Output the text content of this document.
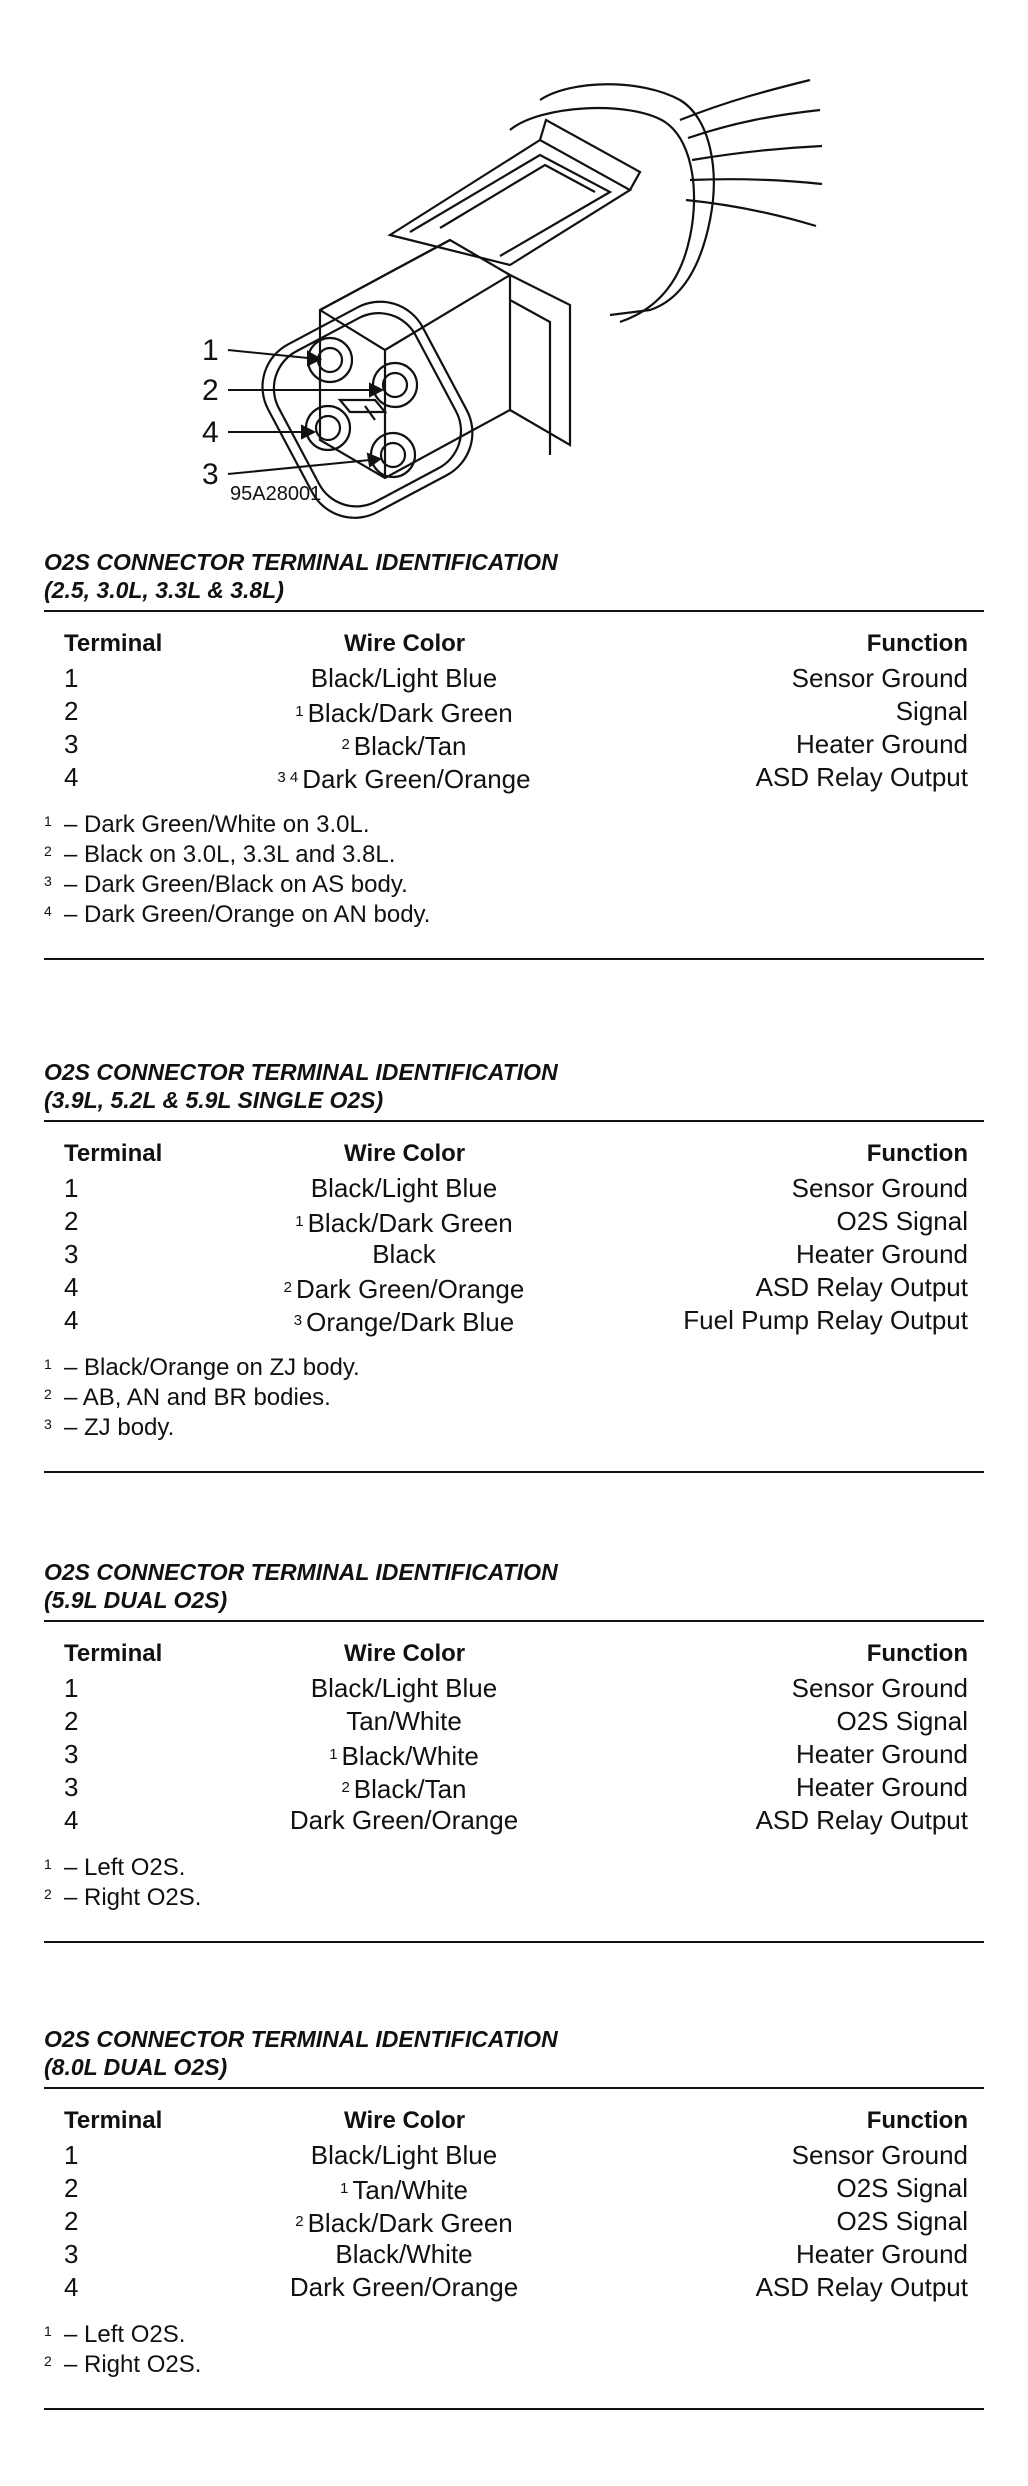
1
2
4
3
95A28001

O2S CONNECTOR TERMINAL IDENTIFICATION

(2.5, 3.0L, 3.3L & 3.8L)

Terminal	Wire Color	Function
1	Black/Light Blue	Sensor Ground
2	$^1$ Black/Dark Green	Signal
3	$^2$ Black/Tan	Heater Ground
4	$^{3 4}$ Dark Green/Orange	ASD Relay Output
1 – Dark Green/White on 3.0L.
2 – Black on 3.0L, 3.3L and 3.8L.
3 – Dark Green/Black on AS body.
4 – Dark Green/Orange on AN body.

O2S CONNECTOR TERMINAL IDENTIFICATION

(3.9L, 5.2L & 5.9L SINGLE O2S)

Terminal	Wire Color	Function
1	Black/Light Blue	Sensor Ground
2	$^1$ Black/Dark Green	O2S Signal
3	Black	Heater Ground
4	$^2$ Dark Green/Orange	ASD Relay Output
4	$^3$ Orange/Dark Blue	Fuel Pump Relay Output
1 – Black/Orange on ZJ body.
2 – AB, AN and BR bodies.
3 – ZJ body.

O2S CONNECTOR TERMINAL IDENTIFICATION

(5.9L DUAL O2S)

Terminal	Wire Color	Function
1	Black/Light Blue	Sensor Ground
2	Tan/White	O2S Signal
3	$^1$ Black/White	Heater Ground
3	$^2$ Black/Tan	Heater Ground
4	Dark Green/Orange	ASD Relay Output
1 – Left O2S.
2 – Right O2S.

O2S CONNECTOR TERMINAL IDENTIFICATION

(8.0L DUAL O2S)

Terminal	Wire Color	Function
1	Black/Light Blue	Sensor Ground
2	$^1$ Tan/White	O2S Signal
2	$^2$ Black/Dark Green	O2S Signal
3	Black/White	Heater Ground
4	Dark Green/Orange	ASD Relay Output
1 – Left O2S.
2 – Right O2S.
